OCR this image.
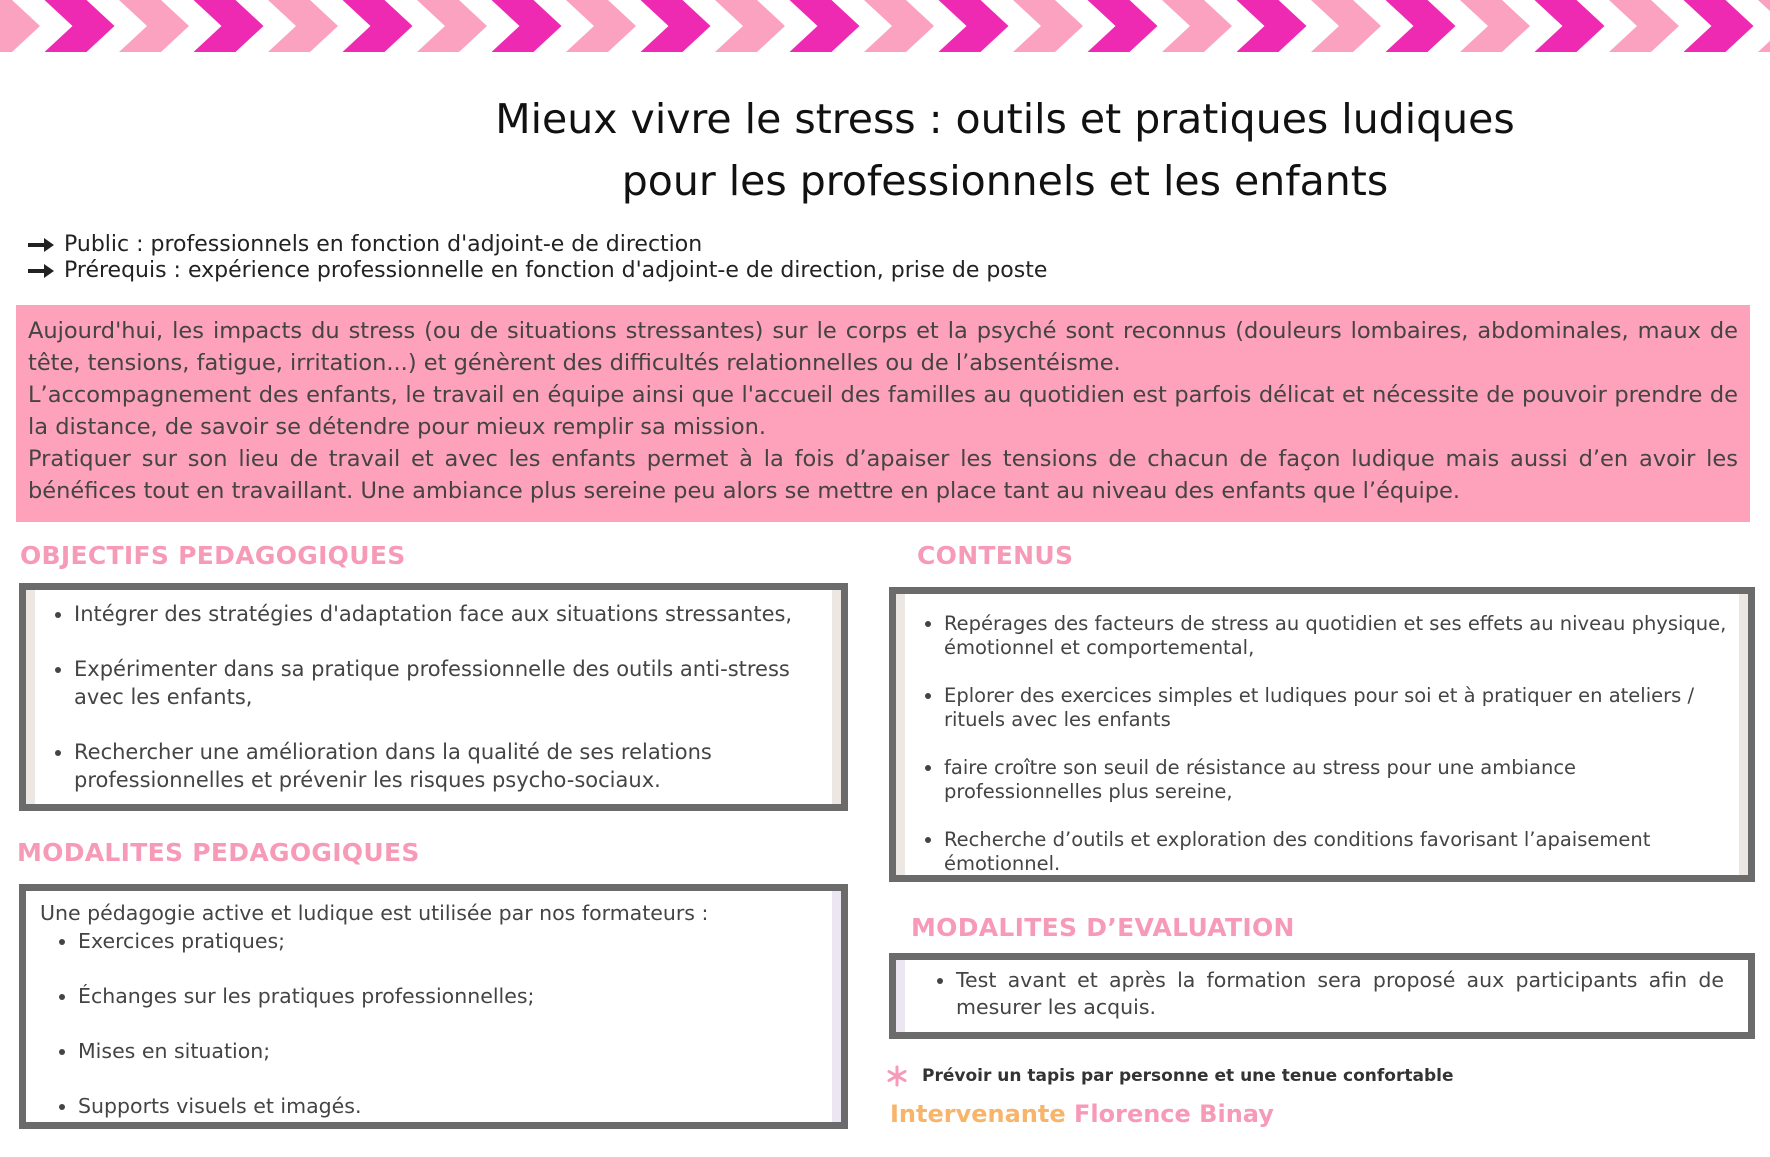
Mieux vivre le stress : outils et pratiques ludiques
pour les professionnels et les enfants
Public : professionnels en fonction d'adjoint-e de direction
Prérequis : expérience professionnelle en fonction d'adjoint-e de direction, prise de poste

Aujourd'hui, les impacts du stress (ou de situations stressantes) sur le corps et la psyché sont reconnus (douleurs lombaires, abdominales, maux de tête, tensions, fatigue, irritation...) et génèrent des difficultés relationnelles ou de l’absentéisme.

L’accompagnement des enfants, le travail en équipe ainsi que l'accueil des familles au quotidien est parfois délicat et nécessite de pouvoir prendre de la distance, de savoir se détendre pour mieux remplir sa mission.

Pratiquer sur son lieu de travail et avec les enfants permet à la fois d’apaiser les tensions de chacun de façon ludique mais aussi d’en avoir les bénéfices tout en travaillant. Une ambiance plus sereine peu alors se mettre en place tant au niveau des enfants que l’équipe.

OBJECTIFS PEDAGOGIQUES
• Intégrer des stratégies d'adaptation face aux situations stressantes,
• Expérimenter dans sa pratique professionnelle des outils anti-stress avec les enfants,
• Rechercher une amélioration dans la qualité de ses relations professionnelles et prévenir les risques psycho-sociaux.
CONTENUS
• Repérages des facteurs de stress au quotidien et ses effets au niveau physique, émotionnel et comportemental,
• Eplorer des exercices simples et ludiques pour soi et à pratiquer en ateliers / rituels avec les enfants
• faire croître son seuil de résistance au stress pour une ambiance professionnelles plus sereine,
• Recherche d’outils et exploration des conditions favorisant l’apaisement émotionnel.
MODALITES PEDAGOGIQUES
Une pédagogie active et ludique est utilisée par nos formateurs :
• Exercices pratiques;
• Échanges sur les pratiques professionnelles;
• Mises en situation;
• Supports visuels et imagés.
MODALITES D’EVALUATION
• Test avant et après la formation sera proposé aux participants afin de mesurer les acquis.
Prévoir un tapis par personne et une tenue confortable
Intervenante Florence Binay
